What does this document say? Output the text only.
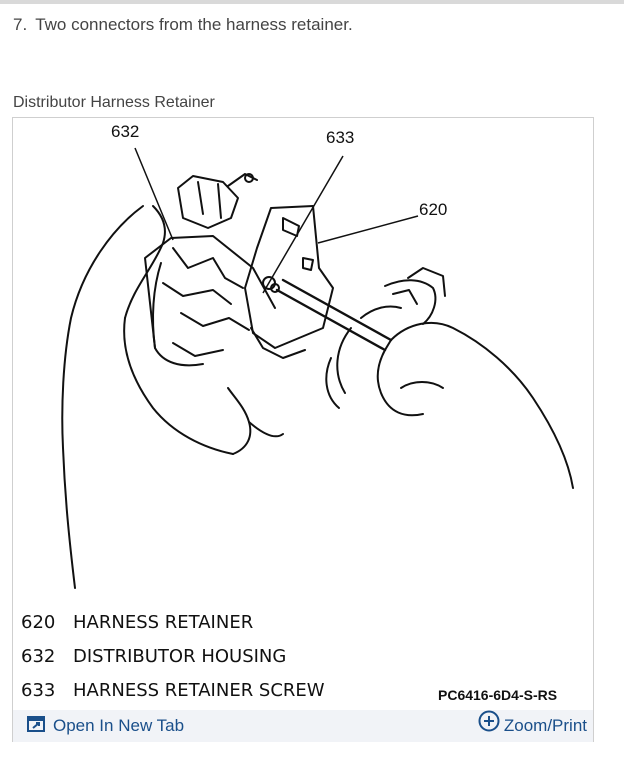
7. Two connectors from the harness retainer.
Distributor Harness Retainer
632	633
620
620 HARNESS RETAINER
632 DISTRIBUTOR HOUSING
633 HARNESS RETAINER SCREW	PC6416-6D4-S-RS
Open In New Tab	Zoom/Print
